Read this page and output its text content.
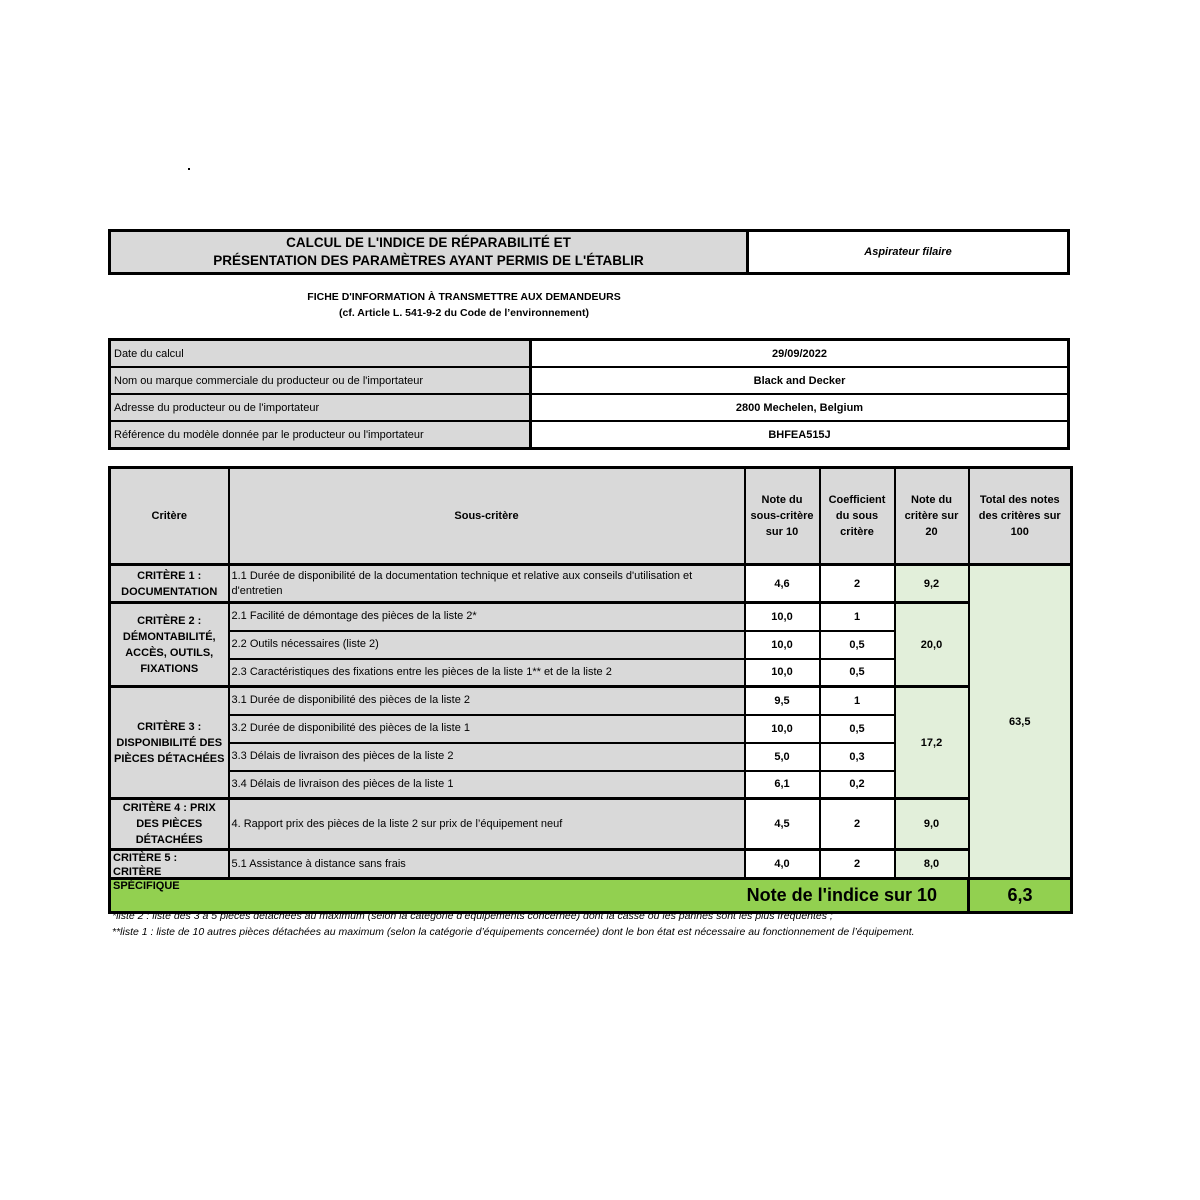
CALCUL DE L'INDICE DE RÉPARABILITÉ ET
PRÉSENTATION DES PARAMÈTRES AYANT PERMIS DE L'ÉTABLIR
Aspirateur filaire
FICHE D'INFORMATION À TRANSMETTRE AUX DEMANDEURS
(cf. Article L. 541-9-2 du Code de l’environnement)
Date du calcul	29/09/2022
Nom ou marque commerciale du producteur ou de l'importateur	Black and Decker
Adresse du producteur ou de l'importateur	2800 Mechelen, Belgium
Référence du modèle donnée par le producteur ou l'importateur	BHFEA515J
Critère	Sous-critère	Note du sous-critère sur 10	Coefficient du sous critère	Note du critère sur 20	Total des notes des critères sur 100
CRITÈRE 1 : DOCUMENTATION	1.1 Durée de disponibilité de la documentation technique et relative aux conseils d'utilisation et d'entretien	4,6	2	9,2	63,5
CRITÈRE 2 : DÉMONTABILITÉ, ACCÈS, OUTILS, FIXATIONS	2.1 Facilité de démontage des pièces de la liste 2*	10,0	1	20,0	
	2.2 Outils nécessaires (liste 2)	10,0	0,5		
	2.3 Caractéristiques des fixations entre les pièces de la liste 1** et de la liste 2	10,0	0,5		
CRITÈRE 3 : DISPONIBILITÉ DES PIÈCES DÉTACHÉES	3.1 Durée de disponibilité des pièces de la liste 2	9,5	1	17,2	
	3.2 Durée de disponibilité des pièces de la liste 1	10,0	0,5		
	3.3 Délais de livraison des pièces de la liste 2	5,0	0,3		
	3.4 Délais de livraison des pièces de la liste 1	6,1	0,2		
CRITÈRE 4 : PRIX DES PIÈCES DÉTACHÉES	4. Rapport prix des pièces de la liste 2 sur prix de l’équipement neuf	4,5	2	9,0	

CRITÈRE 5 : CRITÈRE SPÉCIFIQUE	5.1 Assistance à distance sans frais	4,0	2	8,0	
Note de l'indice sur 10					6,3
*liste 2 : liste des 3 à 5 pièces détachées au maximum (selon la catégorie d’équipements concernée) dont la casse ou les pannes sont les plus fréquentes ;
**liste 1 : liste de 10 autres pièces détachées au maximum (selon la catégorie d’équipements concernée) dont le bon état est nécessaire au fonctionnement de l’équipement.
